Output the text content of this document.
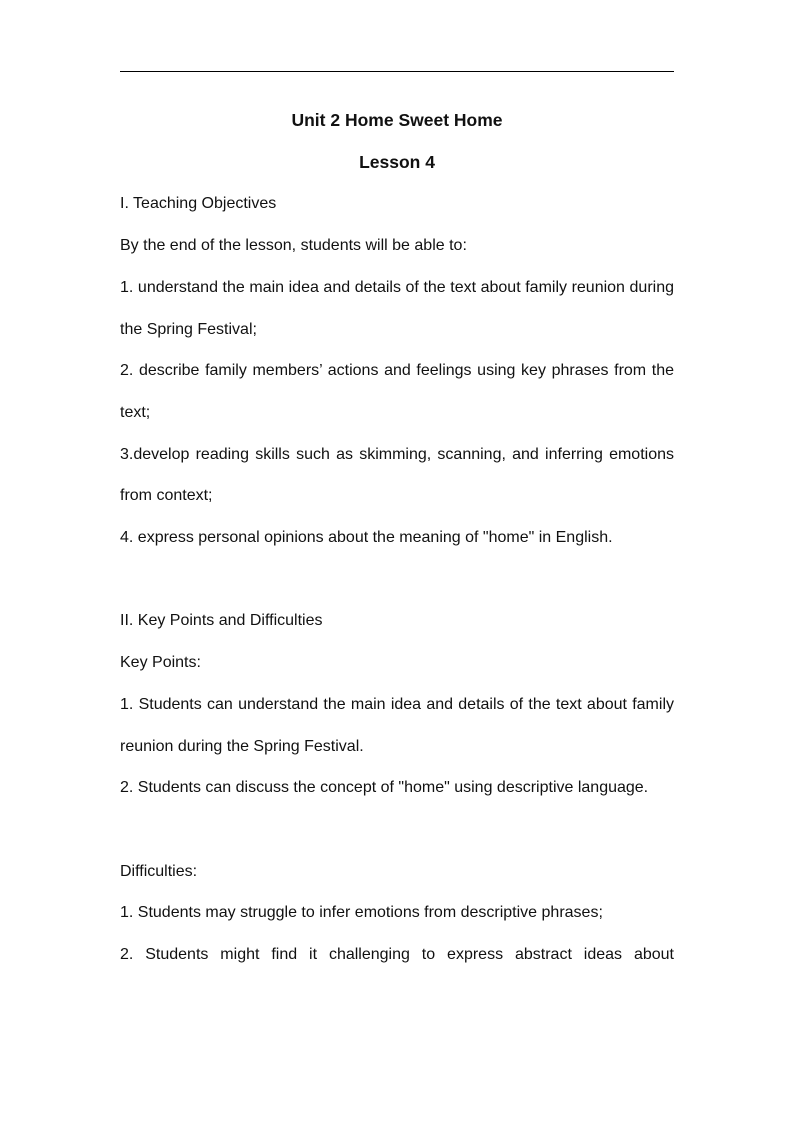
Unit 2 Home Sweet Home

Lesson 4

I. Teaching Objectives

By the end of the lesson, students will be able to:

1. understand the main idea and details of the text about family reunion during the Spring Festival;

2. describe family members’ actions and feelings using key phrases from the text;

3.develop reading skills such as skimming, scanning, and inferring emotions from context;

4. express personal opinions about the meaning of "home" in English.

II. Key Points and Difficulties

Key Points:

1. Students can understand the main idea and details of the text about family reunion during the Spring Festival.

2. Students can discuss the concept of "home" using descriptive language.

Difficulties:

1. Students may struggle to infer emotions from descriptive phrases;

2. Students might find it challenging to express abstract ideas about
